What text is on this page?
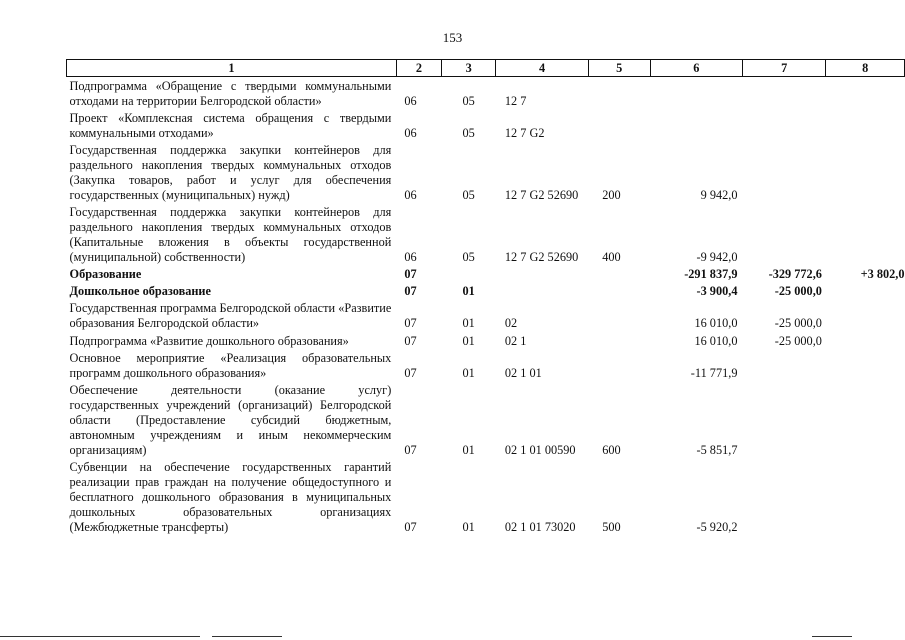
153
1	2	3	4	5	6	7	8
Подпрограмма «Обращение с твердыми коммунальными отходами на территории Белгородской области»	06	05	12 7				
Проект «Комплексная система обращения с твердыми коммунальными отходами»	06	05	12 7 G2				
Государственная поддержка закупки контейнеров для раздельного накопления твердых коммунальных отходов (Закупка товаров, работ и услуг для обеспечения государственных (муниципальных) нужд)	06	05	12 7 G2 52690	200	9 942,0		
Государственная поддержка закупки контейнеров для раздельного накопления твердых коммунальных отходов (Капитальные вложения в объекты государственной (муниципальной) собственности)	06	05	12 7 G2 52690	400	-9 942,0		
Образование	07				-291 837,9	-329 772,6	+3 802,0
Дошкольное образование	07	01			-3 900,4	-25 000,0	
Государственная программа Белгородской области «Развитие образования Белгородской области»	07	01	02		16 010,0	-25 000,0	
Подпрограмма «Развитие дошкольного образования»	07	01	02 1		16 010,0	-25 000,0	
Основное мероприятие «Реализация образовательных программ дошкольного образования»	07	01	02 1 01		-11 771,9		
Обеспечение деятельности (оказание услуг) государственных учреждений (организаций) Белгородской области (Предоставление субсидий бюджетным, автономным учреждениям и иным некоммерческим организациям)	07	01	02 1 01 00590	600	-5 851,7		
Субвенции на обеспечение государственных гарантий реализации прав граждан на получение общедоступного и бесплатного дошкольного образования в муниципальных дошкольных образовательных организациях (Межбюджетные трансферты)	07	01	02 1 01 73020	500	-5 920,2		
